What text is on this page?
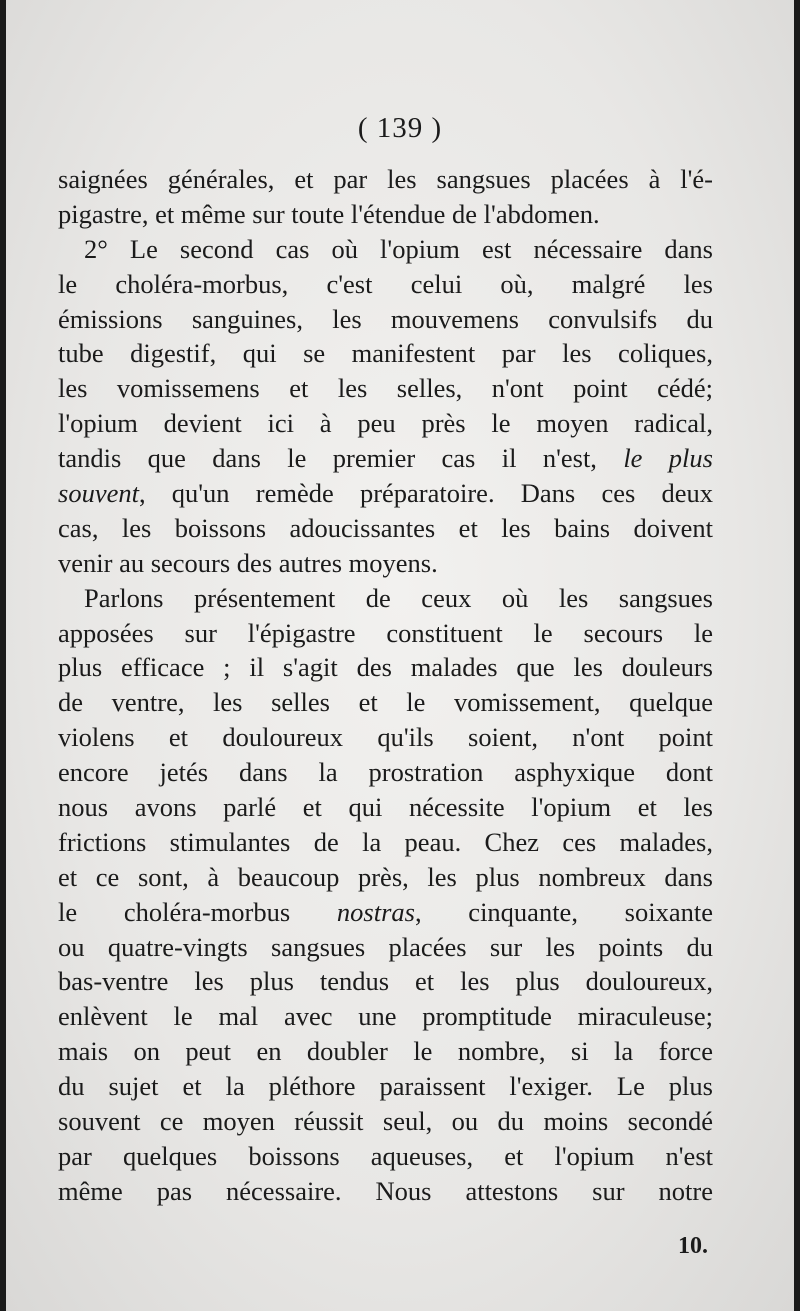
( 139 )
saignées générales, et par les sangsues placées à l'é-
pigastre, et même sur toute l'étendue de l'abdomen.
2° Le second cas où l'opium est nécessaire dans
le choléra-morbus, c'est celui où, malgré les
émissions sanguines, les mouvemens convulsifs du
tube digestif, qui se manifestent par les coliques,
les vomissemens et les selles, n'ont point cédé;
l'opium devient ici à peu près le moyen radical,
tandis que dans le premier cas il n'est, le plus
souvent, qu'un remède préparatoire. Dans ces deux
cas, les boissons adoucissantes et les bains doivent
venir au secours des autres moyens.
Parlons présentement de ceux où les sangsues
apposées sur l'épigastre constituent le secours le
plus efficace ; il s'agit des malades que les douleurs
de ventre, les selles et le vomissement, quelque
violens et douloureux qu'ils soient, n'ont point
encore jetés dans la prostration asphyxique dont
nous avons parlé et qui nécessite l'opium et les
frictions stimulantes de la peau. Chez ces malades,
et ce sont, à beaucoup près, les plus nombreux dans
le choléra-morbus nostras, cinquante, soixante
ou quatre-vingts sangsues placées sur les points du
bas-ventre les plus tendus et les plus douloureux,
enlèvent le mal avec une promptitude miraculeuse;
mais on peut en doubler le nombre, si la force
du sujet et la pléthore paraissent l'exiger. Le plus
souvent ce moyen réussit seul, ou du moins secondé
par quelques boissons aqueuses, et l'opium n'est
même pas nécessaire. Nous attestons sur notre
10.
